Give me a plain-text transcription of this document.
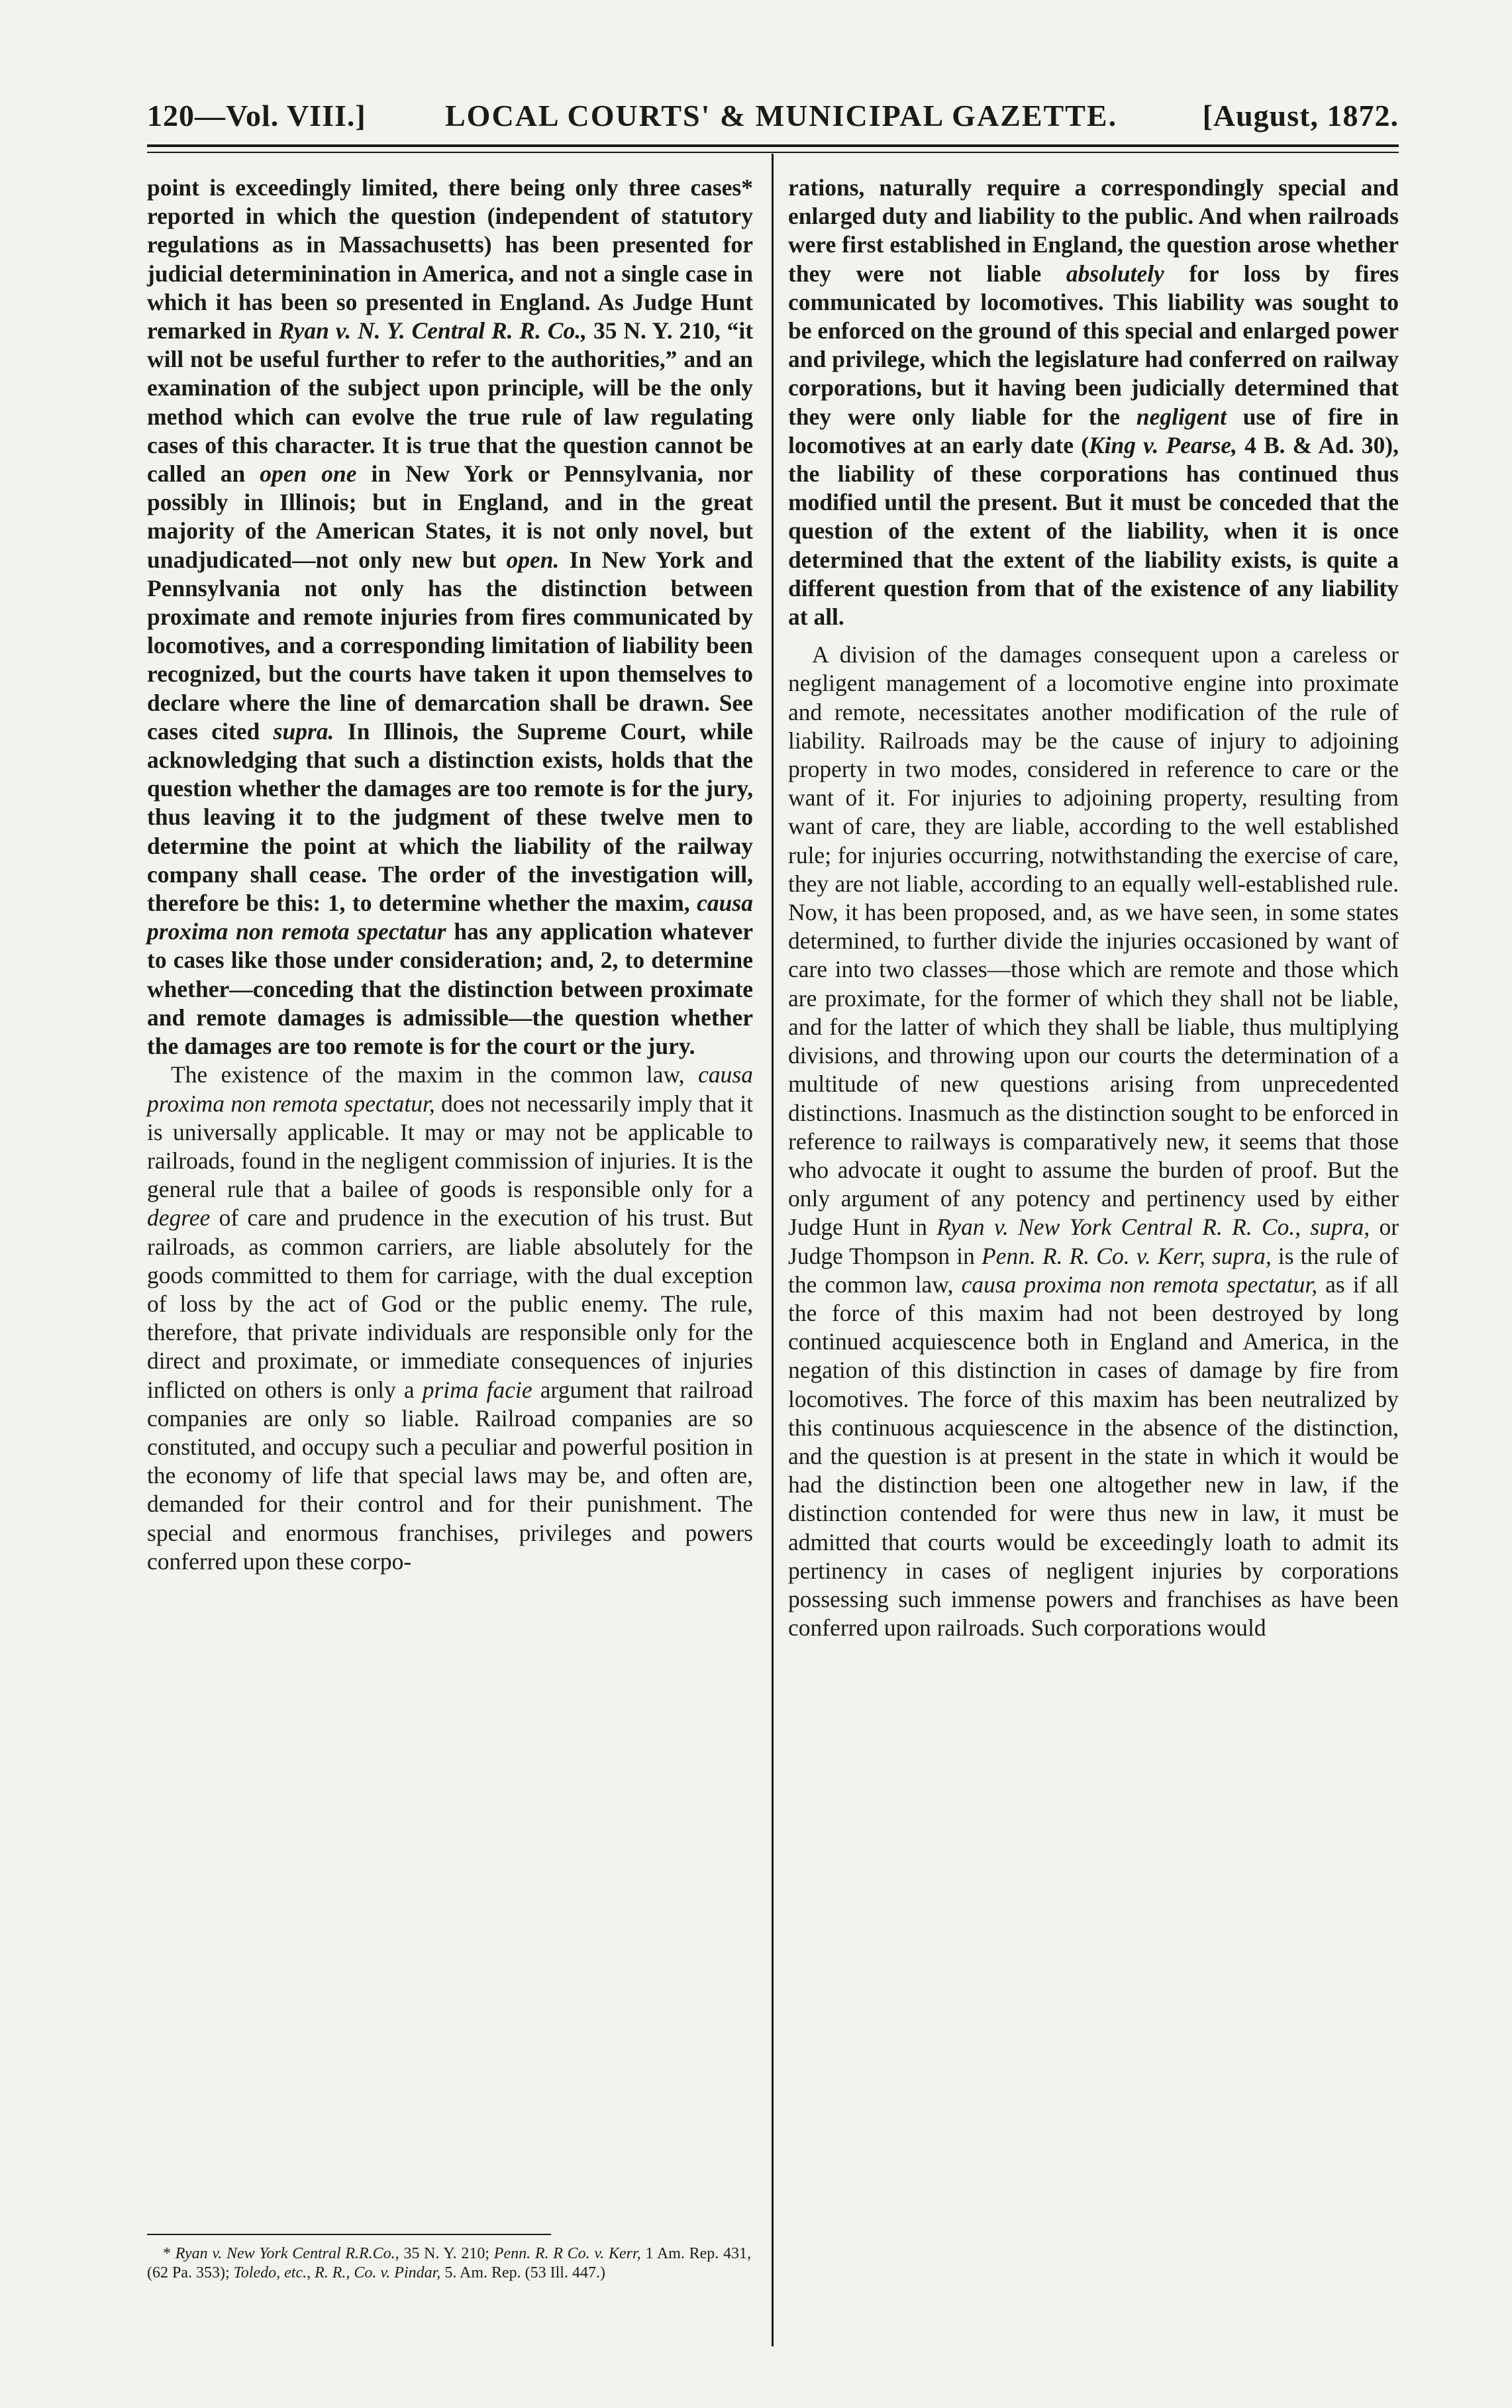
120—Vol. VIII.]	LOCAL COURTS' & MUNICIPAL GAZETTE.	[August, 1872.

point is exceedingly limited, there being only three cases* reported in which the question (independent of statutory regulations as in Massachusetts) has been presented for judicial determinination in America, and not a single case in which it has been so presented in England. As Judge Hunt remarked in Ryan v. N. Y. Central R. R. Co., 35 N. Y. 210, “it will not be useful further to refer to the authorities,” and an examination of the subject upon principle, will be the only method which can evolve the true rule of law regulating cases of this character. It is true that the question cannot be called an open one in New York or Pennsylvania, nor possibly in Illinois; but in England, and in the great majority of the American States, it is not only novel, but unadjudicated—not only new but open. In New York and Pennsylvania not only has the distinction between proximate and remote injuries from fires communicated by locomotives, and a corresponding limitation of liability been recognized, but the courts have taken it upon themselves to declare where the line of demarcation shall be drawn. See cases cited supra. In Illinois, the Supreme Court, while acknowledging that such a distinction exists, holds that the question whether the damages are too remote is for the jury, thus leaving it to the judgment of these twelve men to determine the point at which the liability of the railway company shall cease. The order of the investigation will, therefore be this: 1, to determine whether the maxim, causa proxima non remota spectatur has any application whatever to cases like those under consideration; and, 2, to determine whether—conceding that the distinction between proximate and remote damages is admissible—the question whether the damages are too remote is for the court or the jury.

The existence of the maxim in the common law, causa proxima non remota spectatur, does not necessarily imply that it is universally applicable. It may or may not be applicable to railroads, found in the negligent commission of injuries. It is the general rule that a bailee of goods is responsible only for a degree of care and prudence in the execution of his trust. But railroads, as common carriers, are liable absolutely for the goods committed to them for carriage, with the dual exception of loss by the act of God or the public enemy. The rule, therefore, that private individuals are responsible only for the direct and proximate, or immediate consequences of injuries inflicted on others is only a prima facie argument that railroad companies are only so liable. Railroad companies are so constituted, and occupy such a peculiar and powerful position in the economy of life that special laws may be, and often are, demanded for their control and for their punishment. The special and enormous franchises, privileges and powers conferred upon these corpo-

* Ryan v. New York Central R.R.Co., 35 N. Y. 210; Penn. R. R Co. v. Kerr, 1 Am. Rep. 431, (62 Pa. 353); Toledo, etc., R. R., Co. v. Pindar, 5. Am. Rep. (53 Ill. 447.)

rations, naturally require a correspondingly special and enlarged duty and liability to the public. And when railroads were first established in England, the question arose whether they were not liable absolutely for loss by fires communicated by locomotives. This liability was sought to be enforced on the ground of this special and enlarged power and privilege, which the legislature had conferred on railway corporations, but it having been judicially determined that they were only liable for the negligent use of fire in locomotives at an early date (King v. Pearse, 4 B. & Ad. 30), the liability of these corporations has continued thus modified until the present. But it must be conceded that the question of the extent of the liability, when it is once determined that the extent of the liability exists, is quite a different question from that of the existence of any liability at all.

A division of the damages consequent upon a careless or negligent management of a locomotive engine into proximate and remote, necessitates another modification of the rule of liability. Railroads may be the cause of injury to adjoining property in two modes, considered in reference to care or the want of it. For injuries to adjoining property, resulting from want of care, they are liable, according to the well established rule; for injuries occurring, notwithstanding the exercise of care, they are not liable, according to an equally well-established rule. Now, it has been proposed, and, as we have seen, in some states determined, to further divide the injuries occasioned by want of care into two classes—those which are remote and those which are proximate, for the former of which they shall not be liable, and for the latter of which they shall be liable, thus multiplying divisions, and throwing upon our courts the determination of a multitude of new questions arising from unprecedented distinctions. Inasmuch as the distinction sought to be enforced in reference to railways is comparatively new, it seems that those who advocate it ought to assume the burden of proof. But the only argument of any potency and pertinency used by either Judge Hunt in Ryan v. New York Central R. R. Co., supra, or Judge Thompson in Penn. R. R. Co. v. Kerr, supra, is the rule of the common law, causa proxima non remota spectatur, as if all the force of this maxim had not been destroyed by long continued acquiescence both in England and America, in the negation of this distinction in cases of damage by fire from locomotives. The force of this maxim has been neutralized by this continuous acquiescence in the absence of the distinction, and the question is at present in the state in which it would be had the distinction been one altogether new in law, if the distinction contended for were thus new in law, it must be admitted that courts would be exceedingly loath to admit its pertinency in cases of negligent injuries by corporations possessing such immense powers and franchises as have been conferred upon railroads. Such corporations would
